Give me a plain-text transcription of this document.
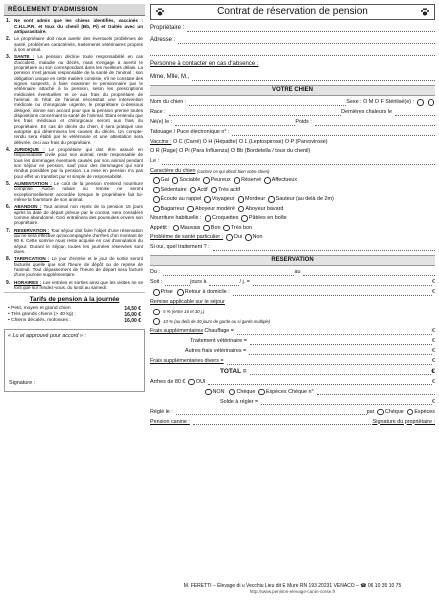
RÈGLEMENT D'ADMISSION
1. Ne sont admis que les chiens identifiés, vaccinés : C.H.L.P.R. et toux du chenil (Bb, Pi) et traités avec un antiparasitaire.
2. Le propriétaire doit nous avertir des éventuels problèmes de santé, problèmes caractériels, traitements vétérinaires propres à son animal.
3. SANTE : La pension décline toute responsabilité en cas d'accident, maladie ou décès, mais s'engage à avertir le propriétaire ou son correspondant dans les meilleurs délais. La pension n'est jamais responsable de la santé de l'animal : son obligation unique en cette matière consiste, s'il ne constate des signes suspects, à faire examiner le pensionnaire par le vétérinaire attaché à la pension, selon les prescriptions médicales éventuelles et ce aux frais du propriétaire de l'animal. Si l'état de l'animal nécessitait une intervention médicale ou chirurgicale urgente, le propriétaire ci-dessous désigné, donne son accord pour que la pension prenne toutes dispositions concernant la santé de l'animal. Étant entendu que les frais médicaux et chirurgicaux seront aux frais du propriétaire. En cas de décès du chien, il sera pratiqué une autopsie qui déterminera les causes du décès. Un compte-rendu sera établi par le vétérinaire et une attestation sera délivrée, ceci aux frais du propriétaire.
4. JURIDIQUE : Le propriétaire qui doit être assuré en responsabilité civile pour son animal, reste responsable de tous les dommages éventuels causés par son animal pendant son séjour en pension, sauf pour des dommages qui sont rendus possibles par la pension. La mise en pension n'a pas pour effet un transfert pur et simple de responsabilité.
5. ALIMENTATION : Le coût de la pension s'entend nourriture comprise. Aucun rabais ou remise ne seront exceptionnellement accordée lorsque le propriétaire fait lui-même la fourniture de son animal.
6. ABANDON : Tout animal non repris de la pension 15 jours après la date de départ prévue par le contrat, sera considéré comme abandonné. Ceci entraînera des poursuites envers son propriétaire.
7. RESERVATION : Tout séjour doit faire l'objet d'une réservation qui ne sera effective qu'accompagnée d'arrhes d'un montant de 80 €. Cette somme nous reste acquise en cas d'annulation du séjour. Durant le séjour, toutes les journées réservées sont dues.
8. TARIFICATION : Le jour d'entrée et le jour de sortie seront facturés quelle que soit l'heure de dépôt ou de reprise de l'animal. Tout dépassement de l'heure de départ sera facturé d'une journée supplémentaire.
9. HORAIRES : Les entrées et sorties ainsi que les visites ne se font que sur rendez-vous, du lundi au samedi.
Tarifs de pension à la journée
• Petit, moyen et grand chien	14,50 €
• Très grands chiens (> 40 kg) :	16,00 €
• Chiens décalés, molosses :	16,00 €
« Lu et approuvé pour accord » :
Signature :
Contrat de réservation de pension
Propriétaire :
Adresse :
Personne à contacter en cas d'absence :
Mme, Mlle, M.,
VOTRE CHIEN
Nom du chien :	Sexe : O M O F Stérilisé(e) :
Race :	Dernières chaleurs le
Né(e) le :	Poids :
Tatouage / Puce électronique n° :
Vaccins :
O C (Carré) O H (Hépatite) O L (Leptospirose) O P (Parvovirose)
O R (Rage) O Pi (Para Influenza) O Bb (Bordetella / toux du chenil)
Le :
Caractère du chien
(cochez ce qui décrit bien votre chien)
Gai Sociable Peureux Réservé Affectueux
Sédentaire Actif Très actif
Écoute au rappel Voyageur Mordeur Sauteur (au delà de 2m)
Bagarreur Aboyeur modéré Aboyeur bavard
Nourriture habituelle : Croquettes Pâtées en boîte
Appétit : Mauvais Bon Très bon
Problème de santé particulier : Oui Non
Si oui, quel traitement ? :
RESERVATION
Du :	au
Soit :	jours à	/ j. =	€
Prise
Retour à domicile :	€
Remise applicable sur le séjour
- 5 % (entre 16 et 30 j.)
- 10 % (au delà de 30 jours de garde ou si garde multiple)
Frais supplémentaires
Chauffage =	€
Traitement vétérinaire =	€
Autres frais vétérinaires =	€
Frais supplémentaires divers =	€
TOTAL =	€
Arrhes de 80 € OUI	€
NON
Chèque Espèces
Chèque n°
Solde à régler =	€
Réglé le :	par Chèque Espèces
Pension canine :	Signature du propriétaire :
M. FERETTI – Élevage di u Vecchiu Lieu dit E Mure RN 193 20231 VENACO – ☎ 06 10 35 10 75
http://www.pension-elevage-canin-corse.fr
